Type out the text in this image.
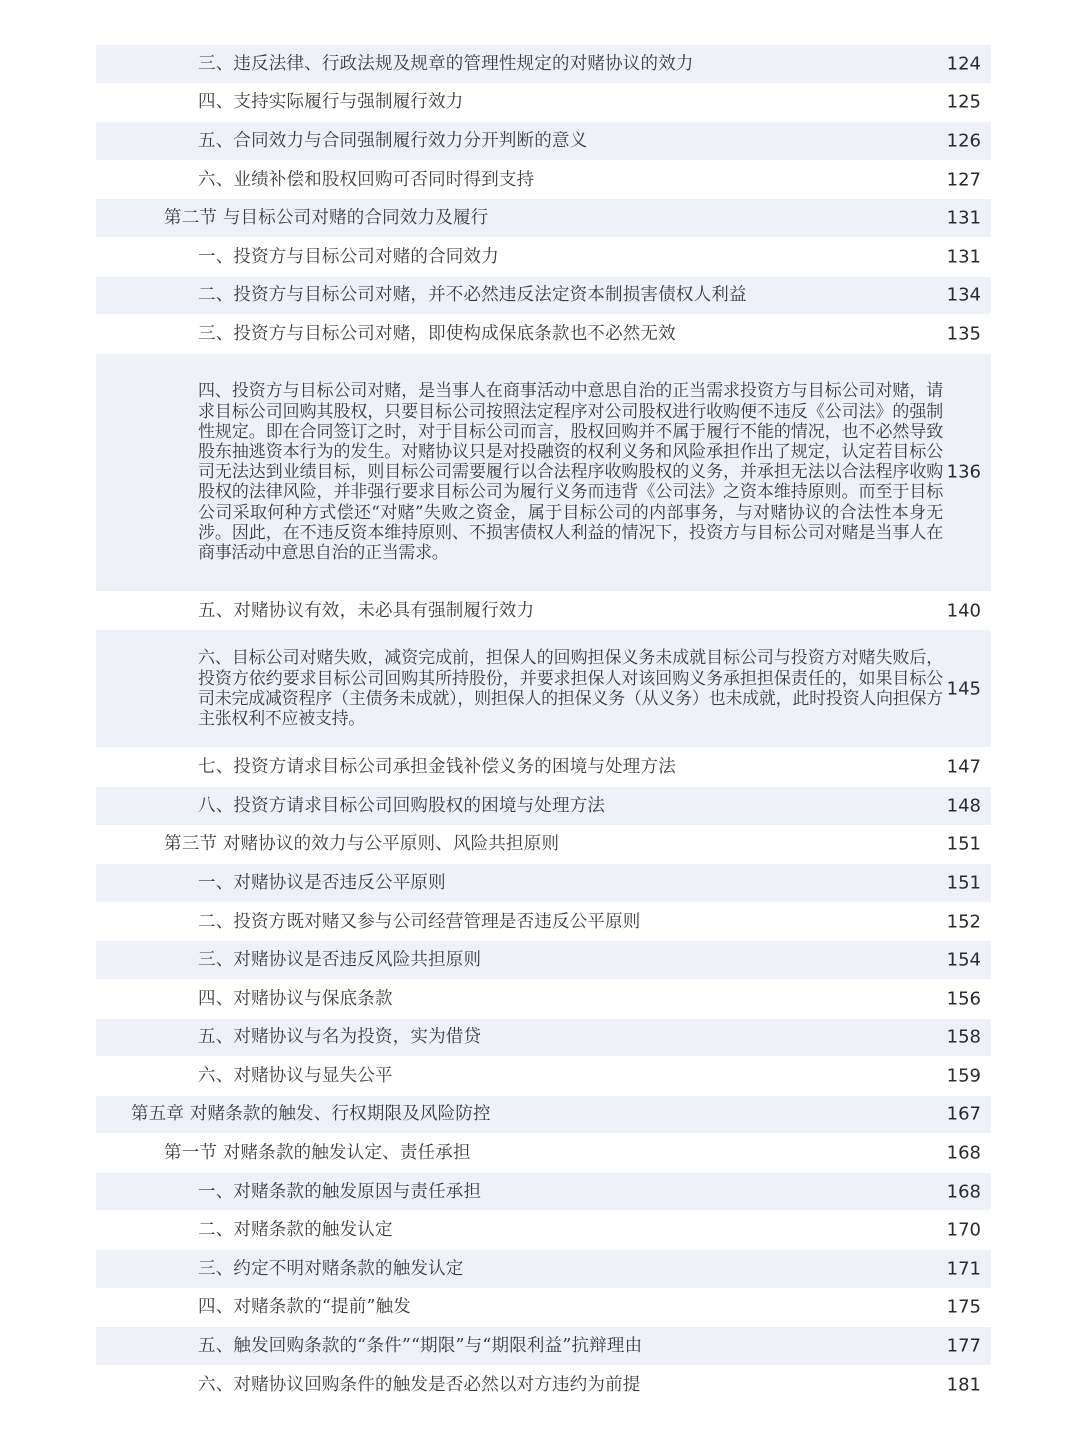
三、违反法律、行政法规及规章的管理性规定的对赌协议的效力	124
四、支持实际履行与强制履行效力	125
五、合同效力与合同强制履行效力分开判断的意义	126
六、业绩补偿和股权回购可否同时得到支持	127
第二节 与目标公司对赌的合同效力及履行	131
一、投资方与目标公司对赌的合同效力	131
二、投资方与目标公司对赌，并不必然违反法定资本制损害债权人利益	134
三、投资方与目标公司对赌，即使构成保底条款也不必然无效	135
四、投资方与目标公司对赌，是当事人在商事活动中意思自治的正当需求投资方与目标公司对赌，请求目标公司回购其股权，只要目标公司按照法定程序对公司股权进行收购便不违反《公司法》的强制性规定。即在合同签订之时，对于目标公司而言，股权回购并不属于履行不能的情况，也不必然导致股东抽逃资本行为的发生。对赌协议只是对投融资的权利义务和风险承担作出了规定，认定若目标公司无法达到业绩目标，则目标公司需要履行以合法程序收购股权的义务，并承担无法以合法程序收购股权的法律风险，并非强行要求目标公司为履行义务而违背《公司法》之资本维持原则。而至于目标公司采取何种方式偿还“对赌”失败之资金，属于目标公司的内部事务，与对赌协议的合法性本身无涉。因此，在不违反资本维持原则、不损害债权人利益的情况下，投资方与目标公司对赌是当事人在商事活动中意思自治的正当需求。
136
五、对赌协议有效，未必具有强制履行效力	140
六、目标公司对赌失败，减资完成前，担保人的回购担保义务未成就目标公司与投资方对赌失败后，投资方依约要求目标公司回购其所持股份，并要求担保人对该回购义务承担担保责任的，如果目标公司未完成减资程序（主债务未成就），则担保人的担保义务（从义务）也未成就，此时投资人向担保方主张权利不应被支持。
145
七、投资方请求目标公司承担金钱补偿义务的困境与处理方法	147
八、投资方请求目标公司回购股权的困境与处理方法	148
第三节 对赌协议的效力与公平原则、风险共担原则	151
一、对赌协议是否违反公平原则	151
二、投资方既对赌又参与公司经营管理是否违反公平原则	152
三、对赌协议是否违反风险共担原则	154
四、对赌协议与保底条款	156
五、对赌协议与名为投资，实为借贷	158
六、对赌协议与显失公平	159
第五章 对赌条款的触发、行权期限及风险防控	167
第一节 对赌条款的触发认定、责任承担	168
一、对赌条款的触发原因与责任承担	168
二、对赌条款的触发认定	170
三、约定不明对赌条款的触发认定	171
四、对赌条款的“提前”触发	175
五、触发回购条款的“条件”“期限”与“期限利益”抗辩理由	177
六、对赌协议回购条件的触发是否必然以对方违约为前提	181
